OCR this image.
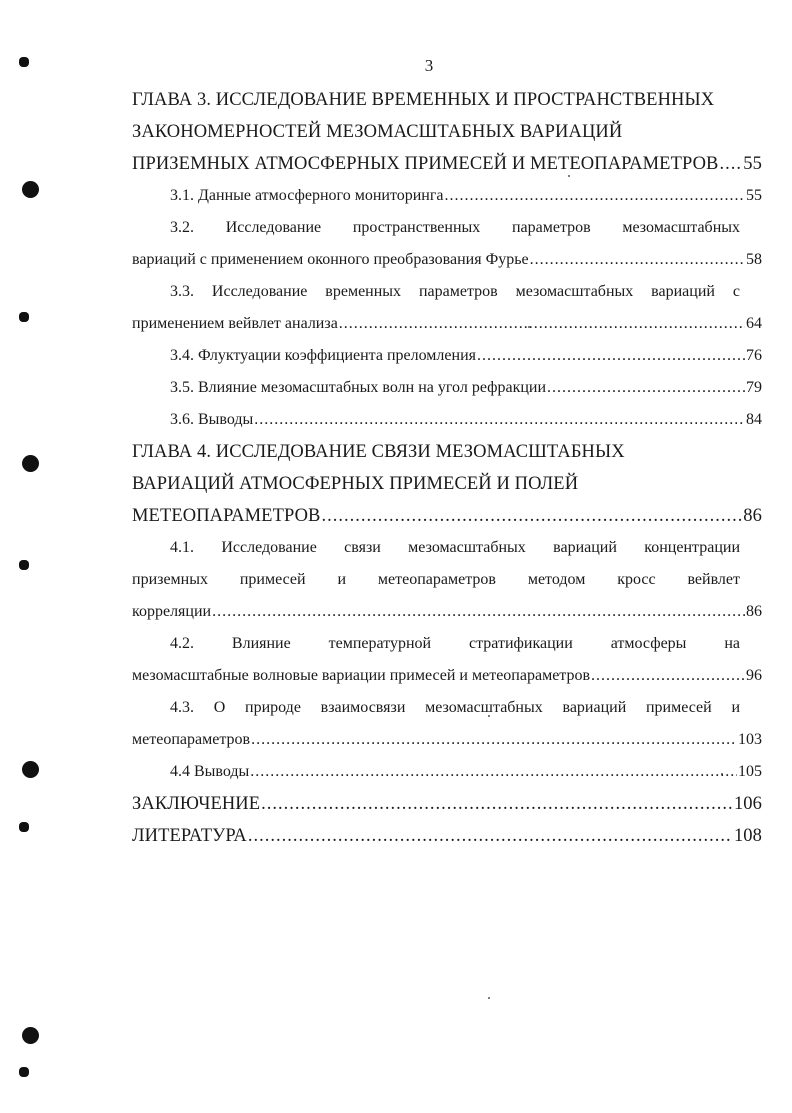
3
ГЛАВА 3. ИССЛЕДОВАНИЕ ВРЕМЕННЫХ И ПРОСТРАНСТВЕННЫХ
ЗАКОНОМЕРНОСТЕЙ МЕЗОМАСШТАБНЫХ ВАРИАЦИЙ
ПРИЗЕМНЫХ АТМОСФЕРНЫХ ПРИМЕСЕЙ И МЕТЕОПАРАМЕТРОВ ..... 55
3.1. Данные атмосферного мониторинга .....	55
3.2. Исследование пространственных параметров мезомасштабных
вариаций с применением оконного преобразования Фурье .....	58
3.3. Исследование временных параметров мезомасштабных вариаций с
применением вейвлет анализа .....	64
3.4. Флуктуации коэффициента преломления .....	76
3.5. Влияние мезомасштабных волн на угол рефракции .....	79
3.6. Выводы .....	84
ГЛАВА 4. ИССЛЕДОВАНИЕ СВЯЗИ МЕЗОМАСШТАБНЫХ
ВАРИАЦИЙ АТМОСФЕРНЫХ ПРИМЕСЕЙ И ПОЛЕЙ
МЕТЕОПАРАМЕТРОВ .....	86
4.1. Исследование связи мезомасштабных вариаций концентрации
приземных примесей и метеопараметров методом кросс вейвлет
корреляции .....	86
4.2. Влияние температурной стратификации атмосферы на
мезомасштабные волновые вариации примесей и метеопараметров .....	96
4.3. О природе взаимосвязи мезомасштабных вариаций примесей и
метеопараметров .....	103
4.4 Выводы .....	105
ЗАКЛЮЧЕНИЕ .....	106
ЛИТЕРАТУРА .....	108
